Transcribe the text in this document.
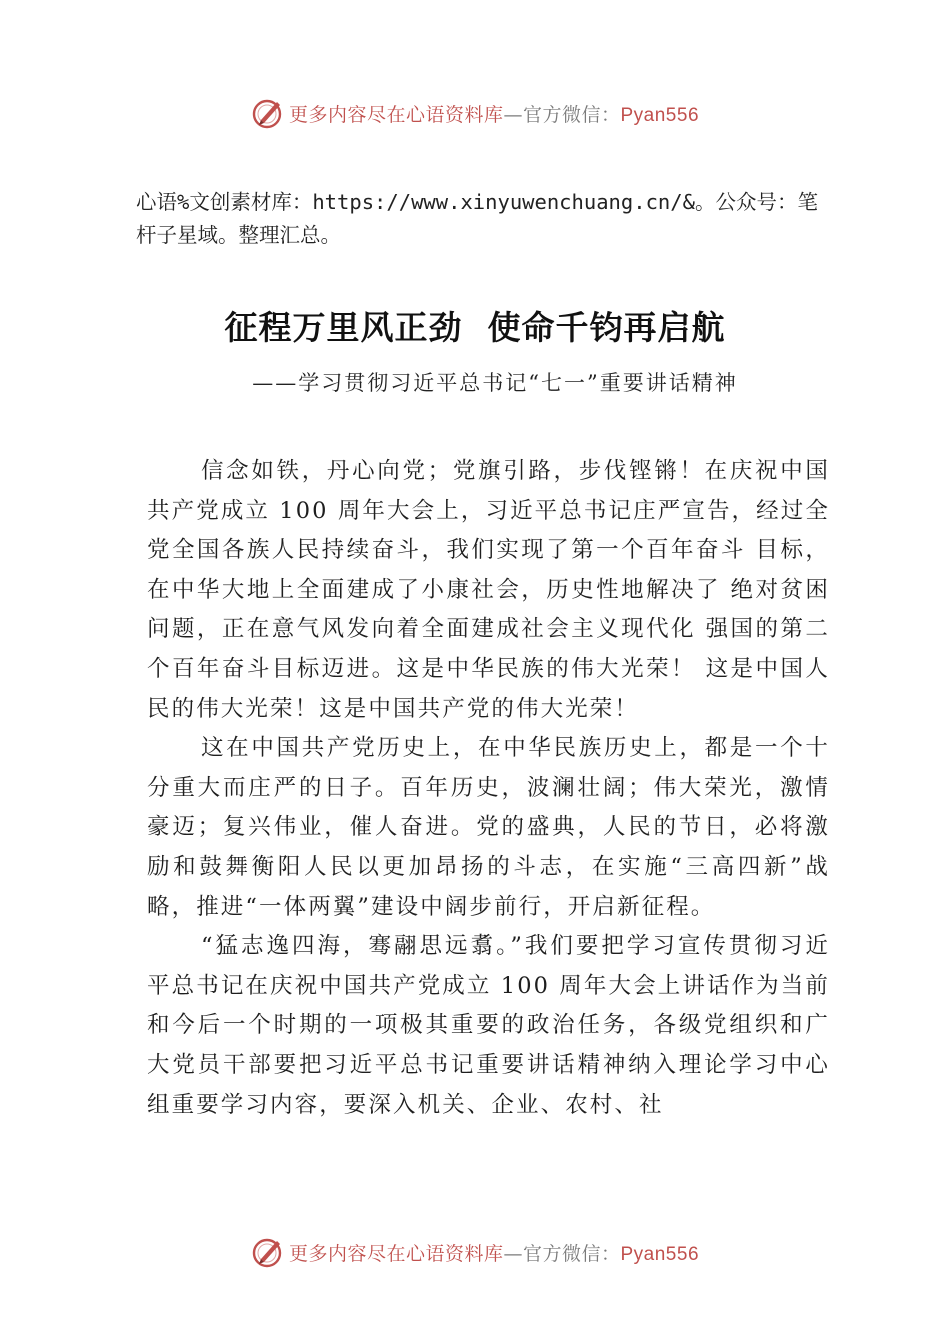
更多内容尽在心语资料库—官方微信：Pyan556
心语%文创素材库：https://www.xinyuwenchuang.cn/&。公众号：笔杆子星域。整理汇总。
征程万里风正劲  使命千钧再启航
——学习贯彻习近平总书记“七一”重要讲话精神

信念如铁，丹心向党；党旗引路，步伐铿锵！在庆祝中国共产党成立 100 周年大会上，习近平总书记庄严宣告，经过全党全国各族人民持续奋斗，我们实现了第一个百年奋斗 目标，在中华大地上全面建成了小康社会，历史性地解决了 绝对贫困问题，正在意气风发向着全面建成社会主义现代化 强国的第二个百年奋斗目标迈进。这是中华民族的伟大光荣！ 这是中国人民的伟大光荣！这是中国共产党的伟大光荣！

这在中国共产党历史上，在中华民族历史上，都是一个十分重大而庄严的日子。百年历史，波澜壮阔；伟大荣光，激情豪迈；复兴伟业，催人奋进。党的盛典，人民的节日，必将激励和鼓舞衡阳人民以更加昂扬的斗志，在实施“三高四新”战略，推进“一体两翼”建设中阔步前行，开启新征程。

“猛志逸四海，骞翮思远翥。”我们要把学习宣传贯彻习近平总书记在庆祝中国共产党成立 100 周年大会上讲话作为当前和今后一个时期的一项极其重要的政治任务，各级党组织和广大党员干部要把习近平总书记重要讲话精神纳入理论学习中心组重要学习内容，要深入机关、企业、农村、社

更多内容尽在心语资料库—官方微信：Pyan556
